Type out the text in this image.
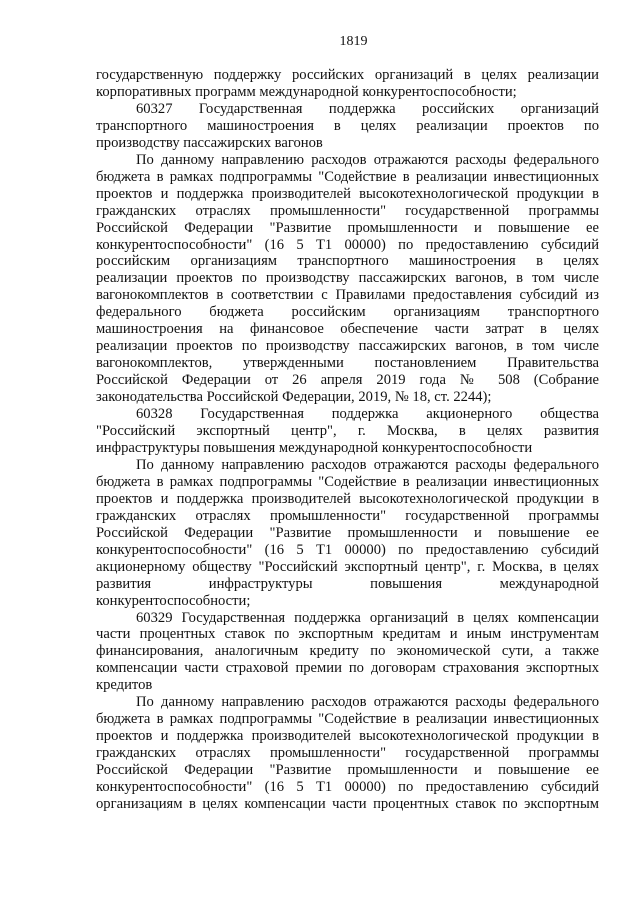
1819

государственную поддержку российских организаций в целях реализации
корпоративных программ международной конкурентоспособности;

60327 Государственная поддержка российских организаций
транспортного машиностроения в целях реализации проектов по
производству пассажирских вагонов

По данному направлению расходов отражаются расходы федерального
бюджета в рамках подпрограммы "Содействие в реализации инвестиционных
проектов и поддержка производителей высокотехнологической продукции в
гражданских отраслях промышленности" государственной программы
Российской Федерации "Развитие промышленности и повышение ее
конкурентоспособности" (16 5 Т1 00000) по предоставлению субсидий
российским организациям транспортного машиностроения в целях
реализации проектов по производству пассажирских вагонов, в том числе
вагонокомплектов в соответствии с Правилами предоставления субсидий из
федерального бюджета российским организациям транспортного
машиностроения на финансовое обеспечение части затрат в целях
реализации проектов по производству пассажирских вагонов, в том числе
вагонокомплектов, утвержденными постановлением Правительства
Российской Федерации от 26 апреля 2019 года № 508 (Собрание
законодательства Российской Федерации, 2019, № 18, ст. 2244);

60328 Государственная поддержка акционерного общества
"Российский экспортный центр", г. Москва, в целях развития
инфраструктуры повышения международной конкурентоспособности

По данному направлению расходов отражаются расходы федерального
бюджета в рамках подпрограммы "Содействие в реализации инвестиционных
проектов и поддержка производителей высокотехнологической продукции в
гражданских отраслях промышленности" государственной программы
Российской Федерации "Развитие промышленности и повышение ее
конкурентоспособности" (16 5 Т1 00000) по предоставлению субсидий
акционерному обществу "Российский экспортный центр", г. Москва, в целях
развития инфраструктуры повышения международной
конкурентоспособности;

60329 Государственная поддержка организаций в целях компенсации
части процентных ставок по экспортным кредитам и иным инструментам
финансирования, аналогичным кредиту по экономической сути, а также
компенсации части страховой премии по договорам страхования экспортных
кредитов

По данному направлению расходов отражаются расходы федерального
бюджета в рамках подпрограммы "Содействие в реализации инвестиционных
проектов и поддержка производителей высокотехнологической продукции в
гражданских отраслях промышленности" государственной программы
Российской Федерации "Развитие промышленности и повышение ее
конкурентоспособности" (16 5 Т1 00000) по предоставлению субсидий
организациям в целях компенсации части процентных ставок по экспортным
